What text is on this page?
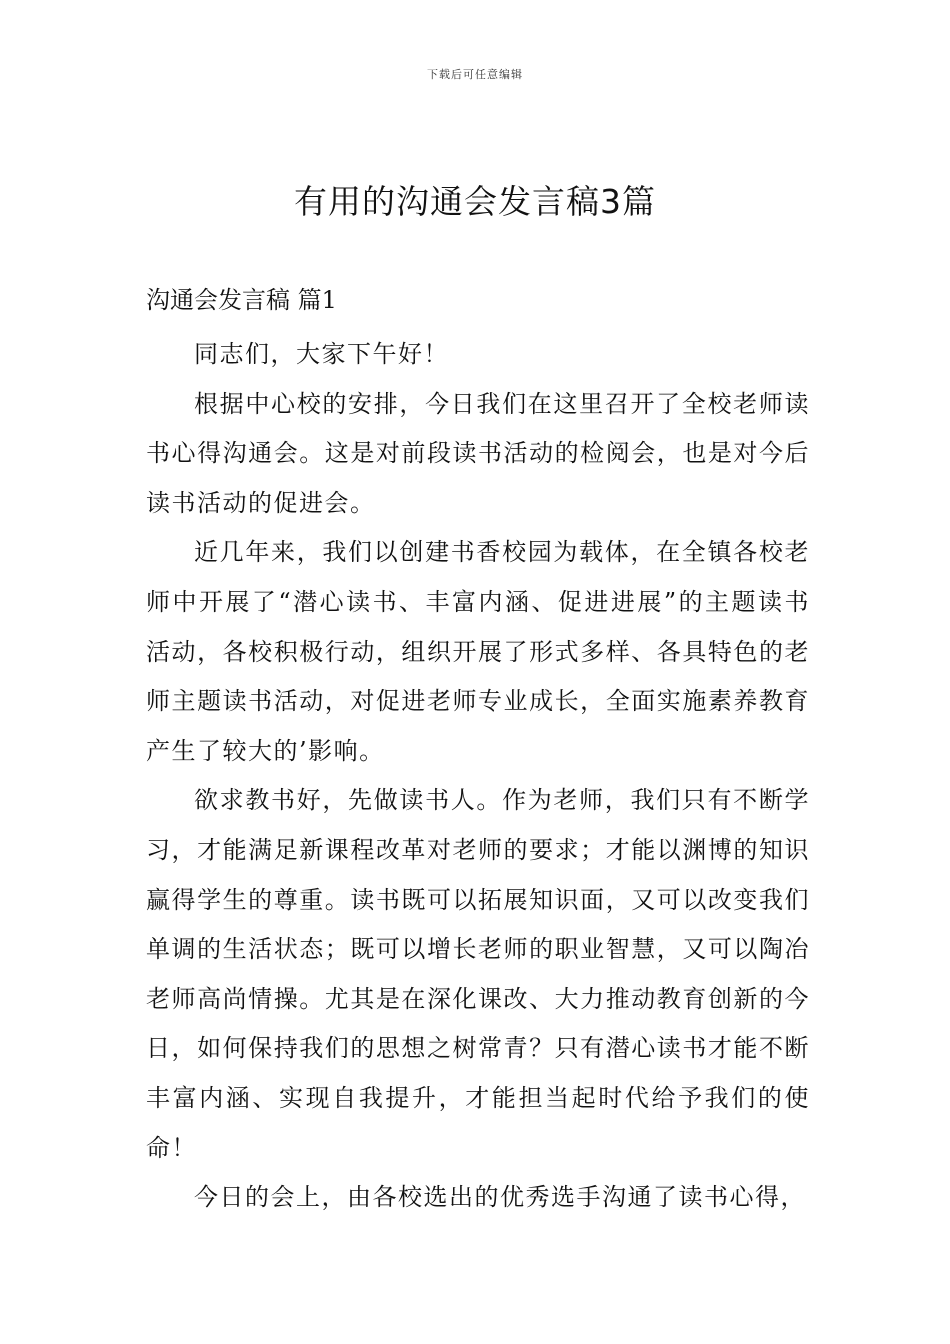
下载后可任意编辑
有用的沟通会发言稿3篇
沟通会发言稿 篇1

同志们，大家下午好！

根据中心校的安排，今日我们在这里召开了全校老师读书心得沟通会。这是对前段读书活动的检阅会，也是对今后读书活动的促进会。

近几年来，我们以创建书香校园为载体，在全镇各校老师中开展了“潜心读书、丰富内涵、促进进展”的主题读书活动，各校积极行动，组织开展了形式多样、各具特色的老师主题读书活动，对促进老师专业成长，全面实施素养教育产生了较大的’影响。

欲求教书好，先做读书人。作为老师，我们只有不断学习，才能满足新课程改革对老师的要求；才能以渊博的知识赢得学生的尊重。读书既可以拓展知识面，又可以改变我们单调的生活状态；既可以增长老师的职业智慧，又可以陶冶老师高尚情操。尤其是在深化课改、大力推动教育创新的今日，如何保持我们的思想之树常青？只有潜心读书才能不断丰富内涵、实现自我提升，才能担当起时代给予我们的使命！

今日的会上，由各校选出的优秀选手沟通了读书心得，
